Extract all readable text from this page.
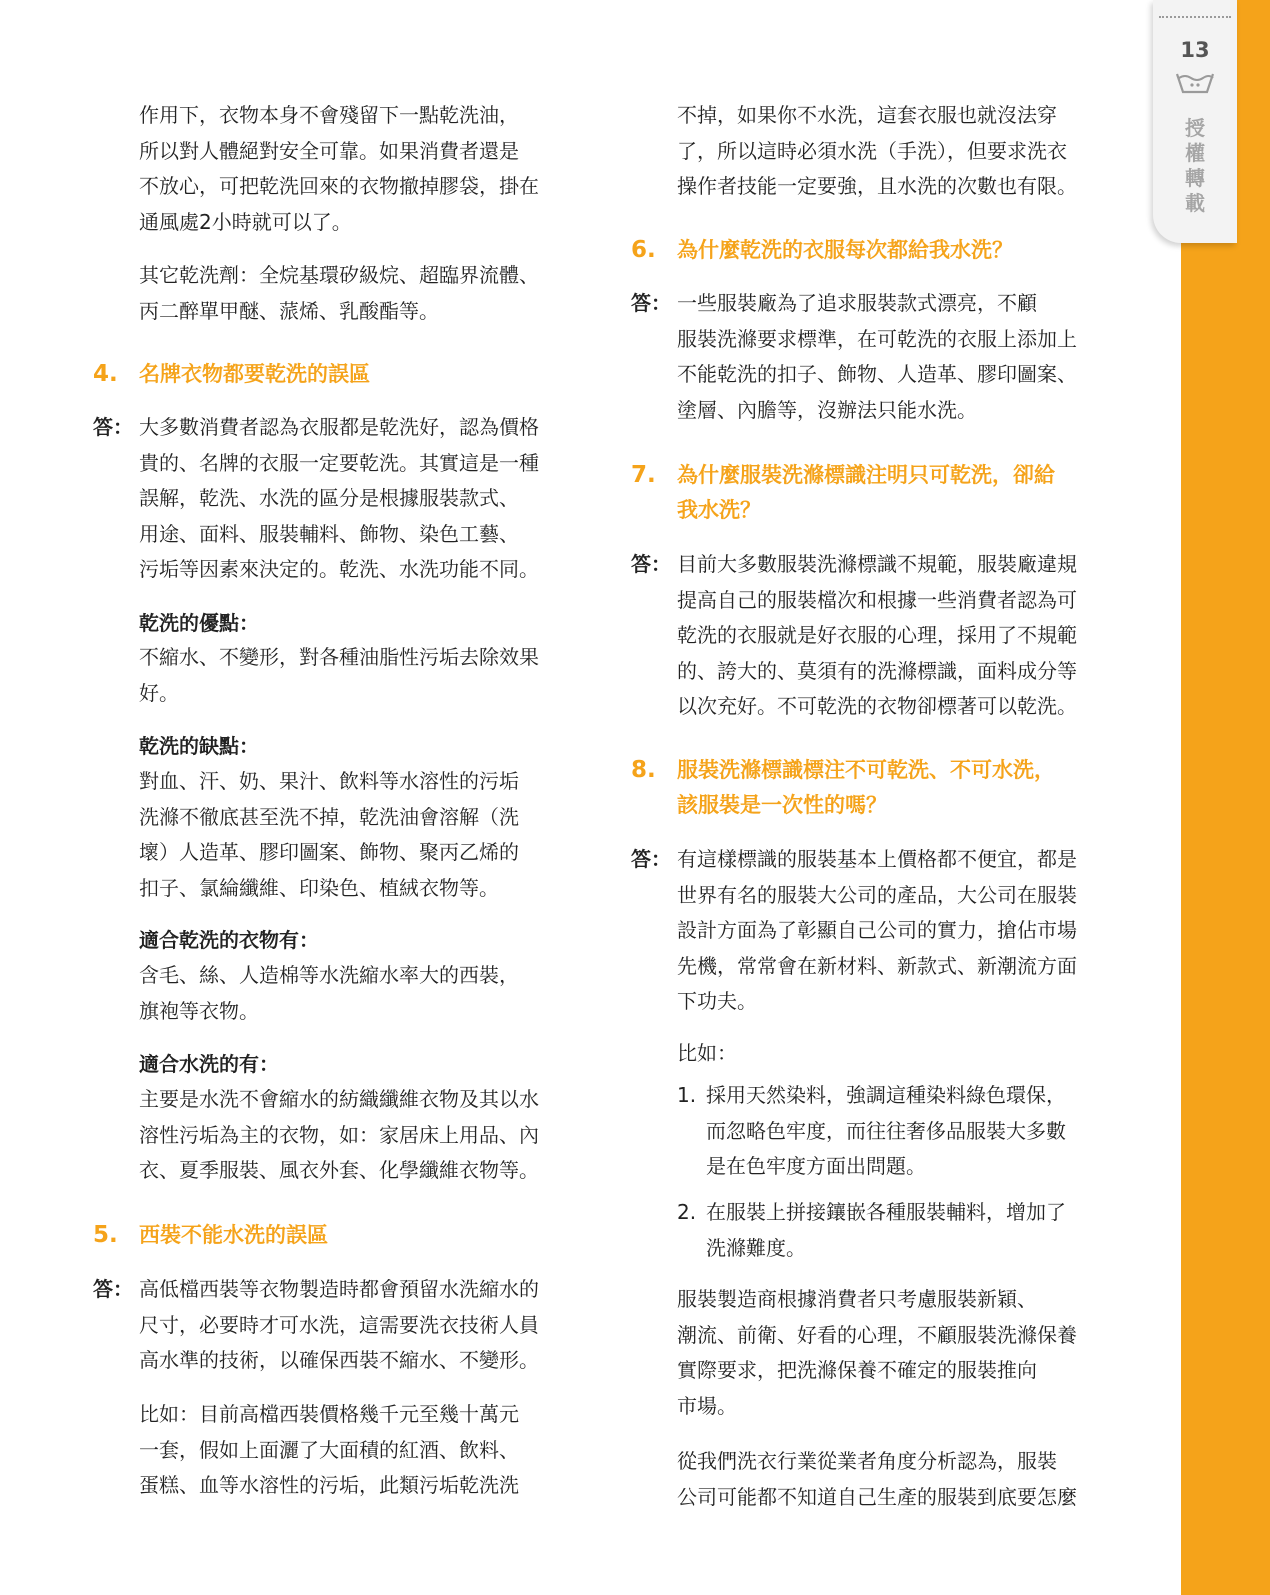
13
授
權
轉
載
作用下，衣物本身不會殘留下一點乾洗油，
所以對人體絕對安全可靠。如果消費者還是
不放心，可把乾洗回來的衣物撤掉膠袋，掛在
通風處2小時就可以了。
其它乾洗劑：全烷基環矽級烷、超臨界流體、
丙二醉單甲醚、蒎烯、乳酸酯等。
4. 名牌衣物都要乾洗的誤區
答： 大多數消費者認為衣服都是乾洗好，認為價格
貴的、名牌的衣服一定要乾洗。其實這是一種
誤解，乾洗、水洗的區分是根據服裝款式、
用途、面料、服裝輔料、飾物、染色工藝、
污垢等因素來決定的。乾洗、水洗功能不同。
乾洗的優點：
不縮水、不變形，對各種油脂性污垢去除效果
好。
乾洗的缺點：
對血、汗、奶、果汁、飲料等水溶性的污垢
洗滌不徹底甚至洗不掉，乾洗油會溶解（洗
壞）人造革、膠印圖案、飾物、聚丙乙烯的
扣子、氯綸纖維、印染色、植絨衣物等。
適合乾洗的衣物有：
含毛、絲、人造棉等水洗縮水率大的西裝，
旗袍等衣物。
適合水洗的有：
主要是水洗不會縮水的紡織纖維衣物及其以水
溶性污垢為主的衣物，如：家居床上用品、內
衣、夏季服裝、風衣外套、化學纖維衣物等。
5. 西裝不能水洗的誤區
答： 高低檔西裝等衣物製造時都會預留水洗縮水的
尺寸，必要時才可水洗，這需要洗衣技術人員
高水準的技術，以確保西裝不縮水、不變形。
比如：目前高檔西裝價格幾千元至幾十萬元
一套，假如上面灑了大面積的紅酒、飲料、
蛋糕、血等水溶性的污垢，此類污垢乾洗洗
不掉，如果你不水洗，這套衣服也就沒法穿
了，所以這時必須水洗（手洗），但要求洗衣
操作者技能一定要強，且水洗的次數也有限。
6. 為什麼乾洗的衣服每次都給我水洗？
答： 一些服裝廠為了追求服裝款式漂亮，不顧
服裝洗滌要求標準，在可乾洗的衣服上添加上
不能乾洗的扣子、飾物、人造革、膠印圖案、
塗層、內膽等，沒辦法只能水洗。
7. 為什麼服裝洗滌標識注明只可乾洗，卻給
我水洗？
答： 目前大多數服裝洗滌標識不規範，服裝廠違規
提高自己的服裝檔次和根據一些消費者認為可
乾洗的衣服就是好衣服的心理，採用了不規範
的、誇大的、莫須有的洗滌標識，面料成分等
以次充好。不可乾洗的衣物卻標著可以乾洗。
8. 服裝洗滌標識標注不可乾洗、不可水洗，
該服裝是一次性的嗎？
答： 有這樣標識的服裝基本上價格都不便宜，都是
世界有名的服裝大公司的產品，大公司在服裝
設計方面為了彰顯自己公司的實力，搶佔市場
先機，常常會在新材料、新款式、新潮流方面
下功夫。
比如：
1. 採用天然染料，強調這種染料綠色環保，
而忽略色牢度，而往往奢侈品服裝大多數
是在色牢度方面出問題。
2. 在服裝上拼接鑲嵌各種服裝輔料，增加了
洗滌難度。
服裝製造商根據消費者只考慮服裝新穎、
潮流、前衛、好看的心理，不顧服裝洗滌保養
實際要求，把洗滌保養不確定的服裝推向
市場。
從我們洗衣行業從業者角度分析認為，服裝
公司可能都不知道自己生產的服裝到底要怎麼
